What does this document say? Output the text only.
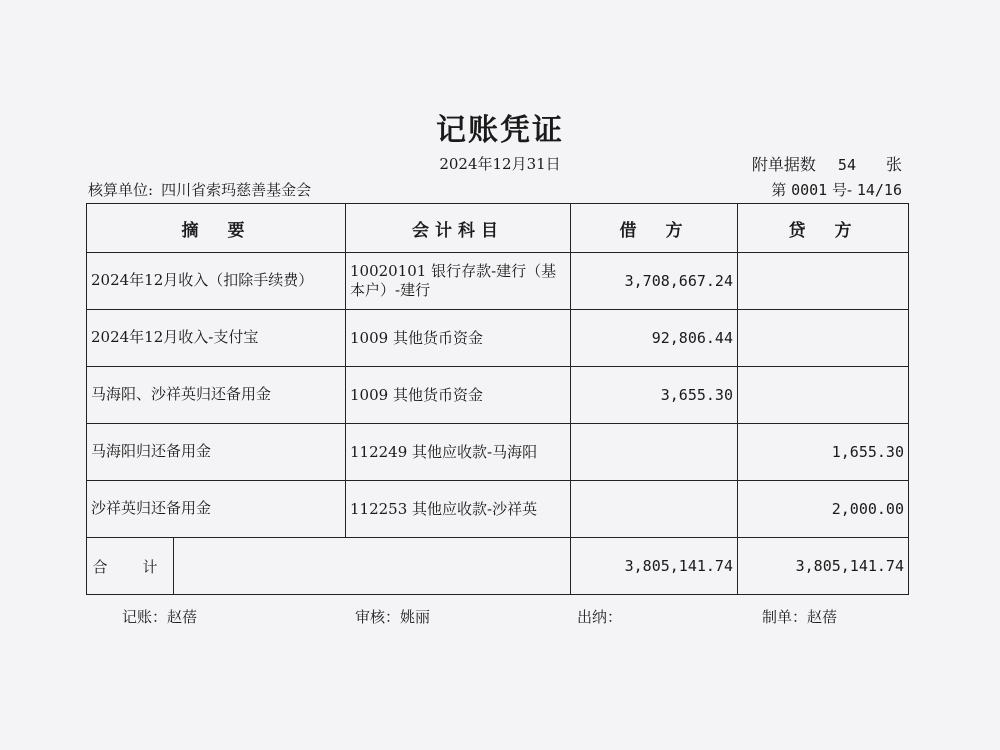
记账凭证
2024年12月31日	附单据数 54 张
核算单位: 四川省索玛慈善基金会	第 0001 号- 14/16
摘　要		会计科目	借　方	贷　方
2024年12月收入（扣除手续费）		10020101 银行存款-建行（基本户）-建行	3,708,667.24	
2024年12月收入-支付宝		1009 其他货币资金	92,806.44	
马海阳、沙祥英归还备用金		1009 其他货币资金	3,655.30	
马海阳归还备用金		112249 其他应收款-马海阳		1,655.30
沙祥英归还备用金		112253 其他应收款-沙祥英		2,000.00
合　计			3,805,141.74	3,805,141.74
记账：赵蓓	审核：姚丽	出纳：	制单：赵蓓
